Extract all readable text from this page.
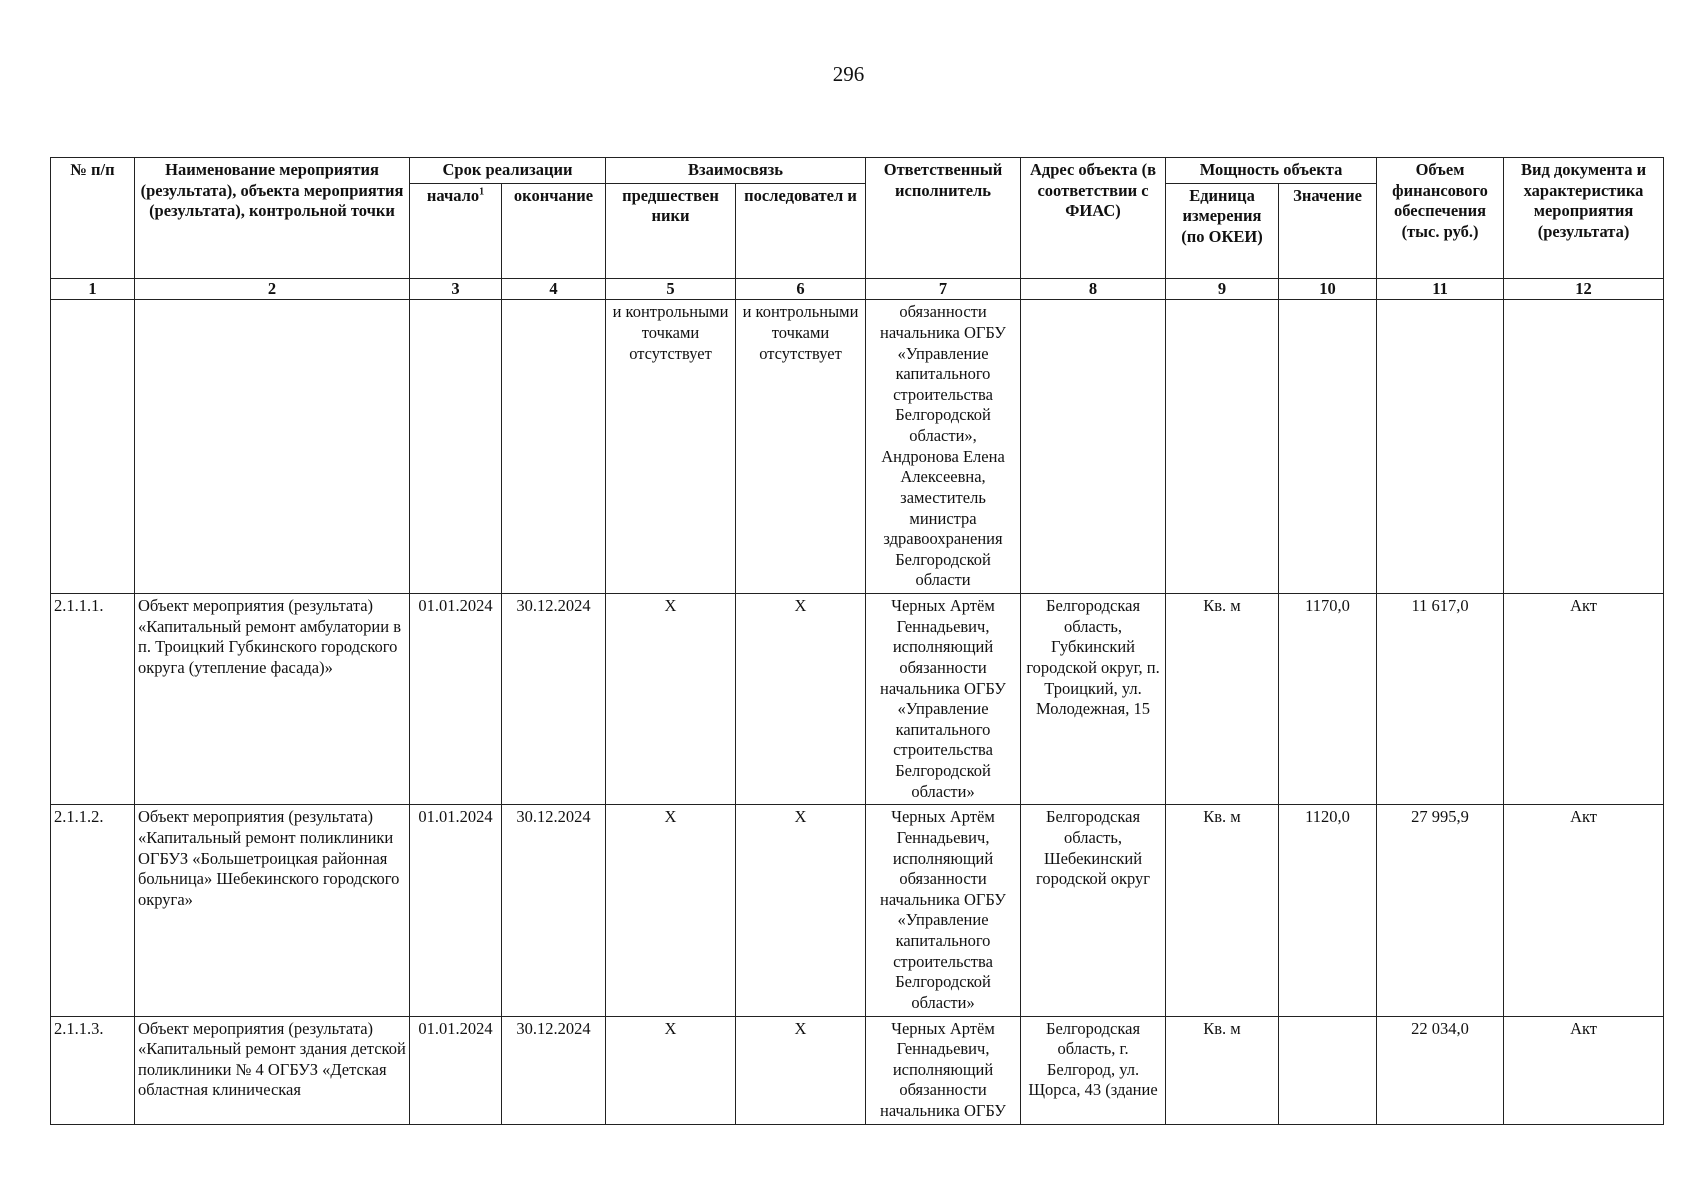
296
№ п/п	Наименование мероприятия (результата), объекта мероприятия (результата), контрольной точки	Срок реализации		Взаимосвязь		Ответственный исполнитель	Адрес объекта (в соответствии с ФИАС)	Мощность объекта		Объем финансового обеспечения (тыс. руб.)	Вид документа и характеристика мероприятия (результата)
		начало$^1$	окончание	предшествен ники	последовател и			Единица измерения (по ОКЕИ)	Значение		
1	2	3	4	5	6	7	8	9	10	11	12
				и контрольными точками отсутствует	и контрольными точками отсутствует	обязанности начальника ОГБУ «Управление капитального строительства Белгородской области», Андронова Елена Алексеевна, заместитель министра здравоохранения Белгородской области					
2.1.1.1.	Объект мероприятия (результата) «Капитальный ремонт амбулатории в п. Троицкий Губкинского городского округа (утепление фасада)»	01.01.2024	30.12.2024	Х	Х	Черных Артём Геннадьевич, исполняющий обязанности начальника ОГБУ «Управление капитального строительства Белгородской области»	Белгородская область, Губкинский городской округ, п. Троицкий, ул. Молодежная, 15	Кв. м	1170,0	11 617,0	Акт
2.1.1.2.	Объект мероприятия (результата) «Капитальный ремонт поликлиники ОГБУЗ «Большетроицкая районная больница» Шебекинского городского округа»	01.01.2024	30.12.2024	Х	Х	Черных Артём Геннадьевич, исполняющий обязанности начальника ОГБУ «Управление капитального строительства Белгородской области»	Белгородская область, Шебекинский городской округ	Кв. м	1120,0	27 995,9	Акт
2.1.1.3.	Объект мероприятия (результата) «Капитальный ремонт здания детской поликлиники № 4 ОГБУЗ «Детская областная клиническая	01.01.2024	30.12.2024	Х	Х	Черных Артём Геннадьевич, исполняющий обязанности начальника ОГБУ	Белгородская область, г. Белгород, ул. Щорса, 43 (здание	Кв. м		22 034,0	Акт
